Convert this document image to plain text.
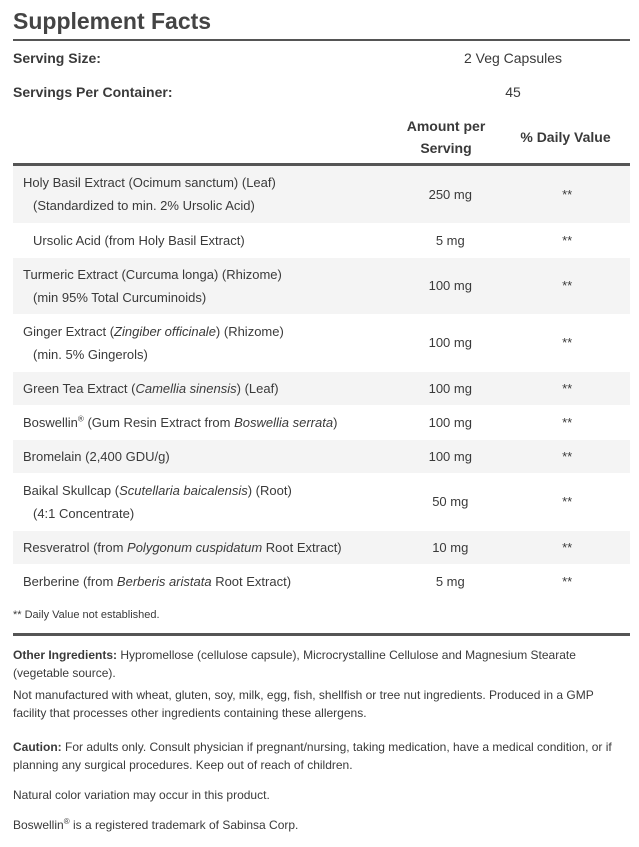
Supplement Facts
Serving Size:	2 Veg Capsules
Servings Per Container:	45
Amount per
Serving
% Daily Value
Holy Basil Extract (Ocimum sanctum) (Leaf)
(Standardized to min. 2% Ursolic Acid)	250 mg	**

Ursolic Acid (from Holy Basil Extract)	5 mg	**

Turmeric Extract (Curcuma longa) (Rhizome)
(min 95% Total Curcuminoids)	100 mg	**

Ginger Extract (Zingiber officinale) (Rhizome)
(min. 5% Gingerols)	100 mg	**

Green Tea Extract (Camellia sinensis) (Leaf)	100 mg	**

Boswellin® (Gum Resin Extract from Boswellia serrata)	100 mg	**

Bromelain (2,400 GDU/g)	100 mg	**

Baikal Skullcap (Scutellaria baicalensis) (Root)
(4:1 Concentrate)	50 mg	**

Resveratrol (from Polygonum cuspidatum Root Extract)	10 mg	**

Berberine (from Berberis aristata Root Extract)	5 mg	**
** Daily Value not established.
Other Ingredients: Hypromellose (cellulose capsule), Microcrystalline Cellulose and Magnesium Stearate (vegetable source).
Not manufactured with wheat, gluten, soy, milk, egg, fish, shellfish or tree nut ingredients. Produced in a GMP facility that processes other ingredients containing these allergens.
Caution: For adults only. Consult physician if pregnant/nursing, taking medication, have a medical condition, or if planning any surgical procedures. Keep out of reach of children.
Natural color variation may occur in this product.
Boswellin® is a registered trademark of Sabinsa Corp.
